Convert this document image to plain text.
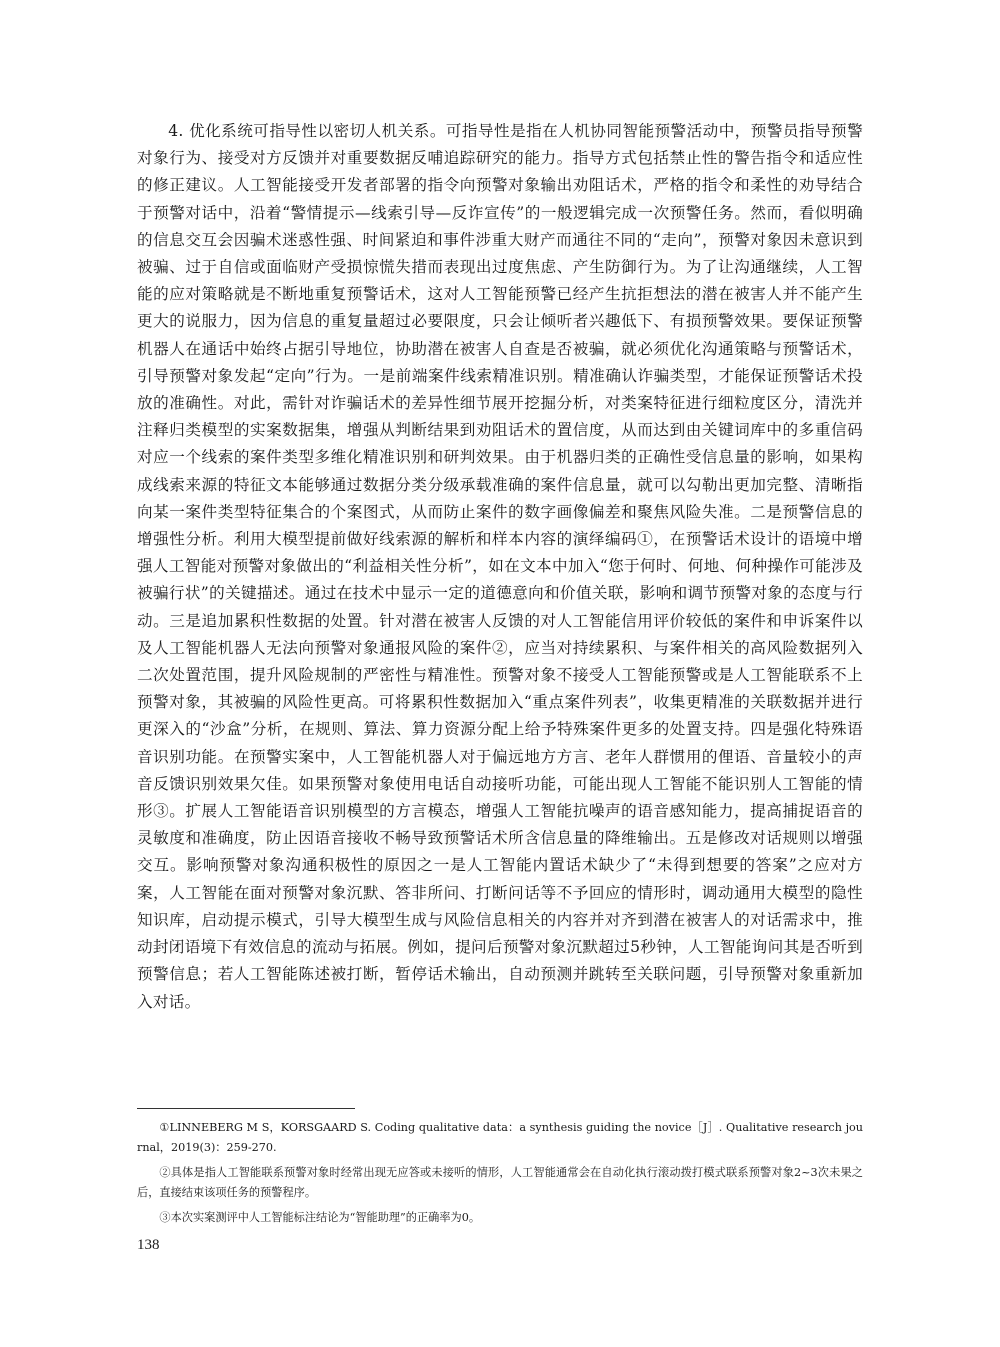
4. 优化系统可指导性以密切人机关系。可指导性是指在人机协同智能预警活动中，预警员指导预警对象行为、接受对方反馈并对重要数据反哺追踪研究的能力。指导方式包括禁止性的警告指令和适应性的修正建议。人工智能接受开发者部署的指令向预警对象输出劝阻话术，严格的指令和柔性的劝导结合于预警对话中，沿着“警情提示—线索引导—反诈宣传”的一般逻辑完成一次预警任务。然而，看似明确的信息交互会因骗术迷惑性强、时间紧迫和事件涉重大财产而通往不同的“走向”，预警对象因未意识到被骗、过于自信或面临财产受损惊慌失措而表现出过度焦虑、产生防御行为。为了让沟通继续，人工智能的应对策略就是不断地重复预警话术，这对人工智能预警已经产生抗拒想法的潜在被害人并不能产生更大的说服力，因为信息的重复量超过必要限度，只会让倾听者兴趣低下、有损预警效果。要保证预警机器人在通话中始终占据引导地位，协助潜在被害人自查是否被骗，就必须优化沟通策略与预警话术，引导预警对象发起“定向”行为。一是前端案件线索精准识别。精准确认诈骗类型，才能保证预警话术投放的准确性。对此，需针对诈骗话术的差异性细节展开挖掘分析，对类案特征进行细粒度区分，清洗并注释归类模型的实案数据集，增强从判断结果到劝阻话术的置信度，从而达到由关键词库中的多重信码对应一个线索的案件类型多维化精准识别和研判效果。由于机器归类的正确性受信息量的影响，如果构成线索来源的特征文本能够通过数据分类分级承载准确的案件信息量，就可以勾勒出更加完整、清晰指向某一案件类型特征集合的个案图式，从而防止案件的数字画像偏差和聚焦风险失准。二是预警信息的增强性分析。利用大模型提前做好线索源的解析和样本内容的演绎编码①，在预警话术设计的语境中增强人工智能对预警对象做出的“利益相关性分析”，如在文本中加入“您于何时、何地、何种操作可能涉及被骗行状”的关键描述。通过在技术中显示一定的道德意向和价值关联，影响和调节预警对象的态度与行动。三是追加累积性数据的处置。针对潜在被害人反馈的对人工智能信用评价较低的案件和申诉案件以及人工智能机器人无法向预警对象通报风险的案件②，应当对持续累积、与案件相关的高风险数据列入二次处置范围，提升风险规制的严密性与精准性。预警对象不接受人工智能预警或是人工智能联系不上预警对象，其被骗的风险性更高。可将累积性数据加入“重点案件列表”，收集更精准的关联数据并进行更深入的“沙盒”分析，在规则、算法、算力资源分配上给予特殊案件更多的处置支持。四是强化特殊语音识别功能。在预警实案中，人工智能机器人对于偏远地方方言、老年人群惯用的俚语、音量较小的声音反馈识别效果欠佳。如果预警对象使用电话自动接听功能，可能出现人工智能不能识别人工智能的情形③。扩展人工智能语音识别模型的方言模态，增强人工智能抗噪声的语音感知能力，提高捕捉语音的灵敏度和准确度，防止因语音接收不畅导致预警话术所含信息量的降维输出。五是修改对话规则以增强交互。影响预警对象沟通积极性的原因之一是人工智能内置话术缺少了“未得到想要的答案”之应对方案，人工智能在面对预警对象沉默、答非所问、打断问话等不予回应的情形时，调动通用大模型的隐性知识库，启动提示模式，引导大模型生成与风险信息相关的内容并对齐到潜在被害人的对话需求中，推动封闭语境下有效信息的流动与拓展。例如，提问后预警对象沉默超过5秒钟，人工智能询问其是否听到预警信息；若人工智能陈述被打断，暂停话术输出，自动预测并跳转至关联问题，引导预警对象重新加入对话。

①LINNEBERG M S，KORSGAARD S. Coding qualitative data：a synthesis guiding the novice［J］. Qualitative research journal，2019(3)：259-270.
②具体是指人工智能联系预警对象时经常出现无应答或未接听的情形，人工智能通常会在自动化执行滚动拨打模式联系预警对象2~3次未果之后，直接结束该项任务的预警程序。
③本次实案测评中人工智能标注结论为“智能助理”的正确率为0。
138
